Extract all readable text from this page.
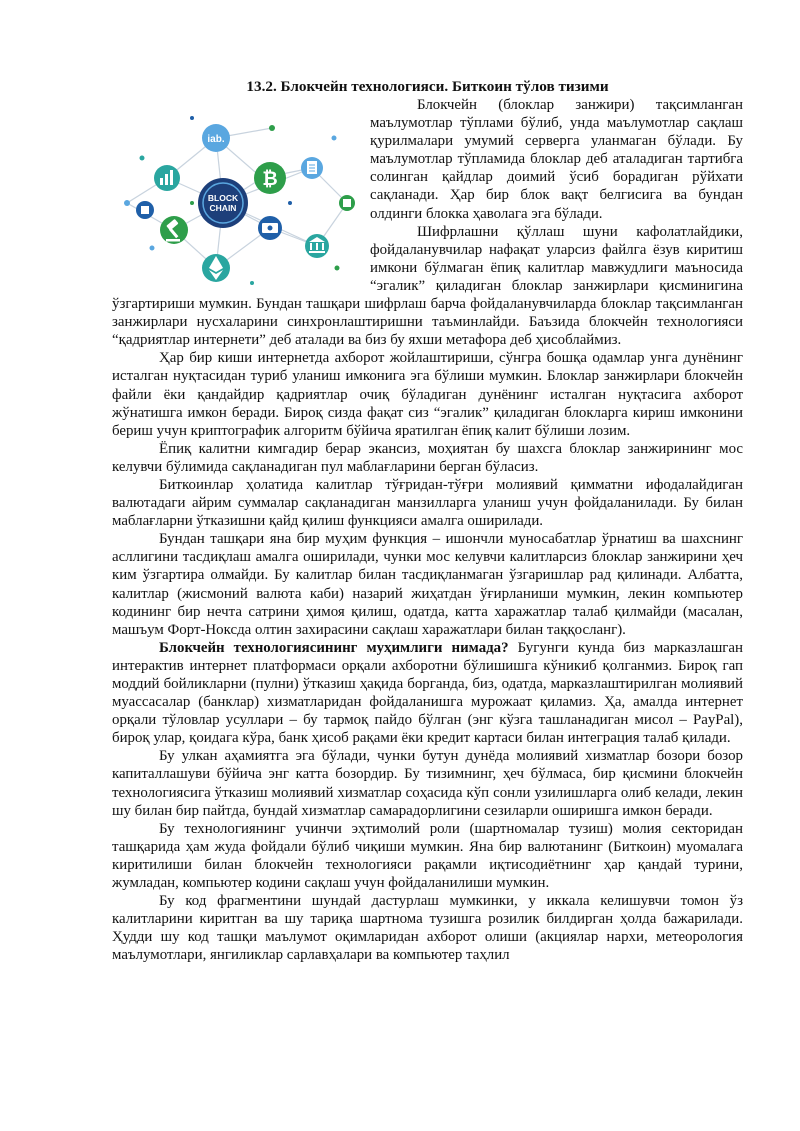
13.2. Блокчейн технологияси. Биткоин тўлов тизими
iab.
BLOCK
CHAIN
₿

Блокчейн (блоклар занжири) тақсимланган маълумотлар тўплами бўлиб, унда маълумотлар сақлаш қурилмалари умумий серверга уланмаган бўлади. Бу маълумотлар тўпламида блоклар деб аталадиган тартибга солинган қайдлар доимий ўсиб борадиган рўйхати сақланади. Ҳар бир блок вақт белгисига ва бундан олдинги блокка ҳаволага эга бўлади.

Шифрлашни қўллаш шуни кафолатлайдики, фойдаланувчилар нафақат уларсиз файлга ёзув киритиш имкони бўлмаган ёпиқ калитлар мавжудлиги маъносида “эгалик” қиладиган блоклар занжирлари қисминигина ўзгартириши мумкин. Бундан ташқари шифрлаш барча фойдаланувчиларда блоклар тақсимланган занжирлари нусхаларини синхронлаштиришни таъминлайди. Баъзида блокчейн технологияси “қадриятлар интернети” деб аталади ва биз бу яхши метафора деб ҳисоблаймиз.

Ҳар бир киши интернетда ахборот жойлаштириши, сўнгра бошқа одамлар унга дунёнинг исталган нуқтасидан туриб уланиш имконига эга бўлиши мумкин. Блоклар занжирлари блокчейн файли ёки қандайдир қадриятлар очиқ бўладиган дунёнинг исталган нуқтасига ахборот жўнатишга имкон беради. Бироқ сизда фақат сиз “эгалик” қиладиган блокларга кириш имконини бериш учун криптографик алгоритм бўйича яратилган ёпиқ калит бўлиши лозим.

Ёпиқ калитни кимгадир берар экансиз, моҳиятан бу шахсга блоклар занжирининг мос келувчи бўлимида сақланадиган пул маблағларини берган бўласиз.

Биткоинлар ҳолатида калитлар тўғридан-тўғри молиявий қимматни ифодалайдиган валютадаги айрим суммалар сақланадиган манзилларга уланиш учун фойдаланилади. Бу билан маблағларни ўтказишни қайд қилиш функцияси амалга оширилади.

Бундан ташқари яна бир муҳим функция – ишончли муносабатлар ўрнатиш ва шахснинг асллигини тасдиқлаш амалга оширилади, чунки мос келувчи калитларсиз блоклар занжирини ҳеч ким ўзгартира олмайди. Бу калитлар билан тасдиқланмаган ўзгаришлар рад қилинади. Албатта, калитлар (жисмоний валюта каби) назарий жиҳатдан ўғирланиши мумкин, лекин компьютер кодининг бир нечта сатрини ҳимоя қилиш, одатда, катта харажатлар талаб қилмайди (масалан, машъум Форт-Ноксда олтин захирасини сақлаш харажатлари билан таққосланг).

Блокчейн технологиясининг муҳимлиги нимада? Бугунги кунда биз марказлашган интерактив интернет платформаси орқали ахборотни бўлишишга кўникиб қолганмиз. Бироқ гап моддий бойликларни (пулни) ўтказиш ҳақида борганда, биз, одатда, марказлаштирилган молиявий муассасалар (банклар) хизматларидан фойдаланишга мурожаат қиламиз. Ҳа, амалда интернет орқали тўловлар усуллари – бу тармоқ пайдо бўлган (энг кўзга ташланадиган мисол – PayPal), бироқ улар, қоидага кўра, банк ҳисоб рақами ёки кредит картаси билан интеграция талаб қилади.

Бу улкан аҳамиятга эга бўлади, чунки бутун дунёда молиявий хизматлар бозори бозор капиталлашуви бўйича энг катта бозордир. Бу тизимнинг, ҳеч бўлмаса, бир қисмини блокчейн технологиясига ўтказиш молиявий хизматлар соҳасида кўп сонли узилишларга олиб келади, лекин шу билан бир пайтда, бундай хизматлар самарадорлигини сезиларли оширишга имкон беради.

Бу технологиянинг учинчи эҳтимолий роли (шартномалар тузиш) молия секторидан ташқарида ҳам жуда фойдали бўлиб чиқиши мумкин. Яна бир валютанинг (Биткоин) муомалага киритилиши билан блокчейн технологияси рақамли иқтисодиётнинг ҳар қандай турини, жумладан, компьютер кодини сақлаш учун фойдаланилиши мумкин.

Бу код фрагментини шундай дастурлаш мумкинки, у иккала келишувчи томон ўз калитларини киритган ва шу тариқа шартнома тузишга розилик билдирган ҳолда бажарилади. Ҳудди шу код ташқи маълумот оқимларидан ахборот олиши (акциялар нархи, метеорология маълумотлари, янгиликлар сарлавҳалари ва компьютер таҳлил
